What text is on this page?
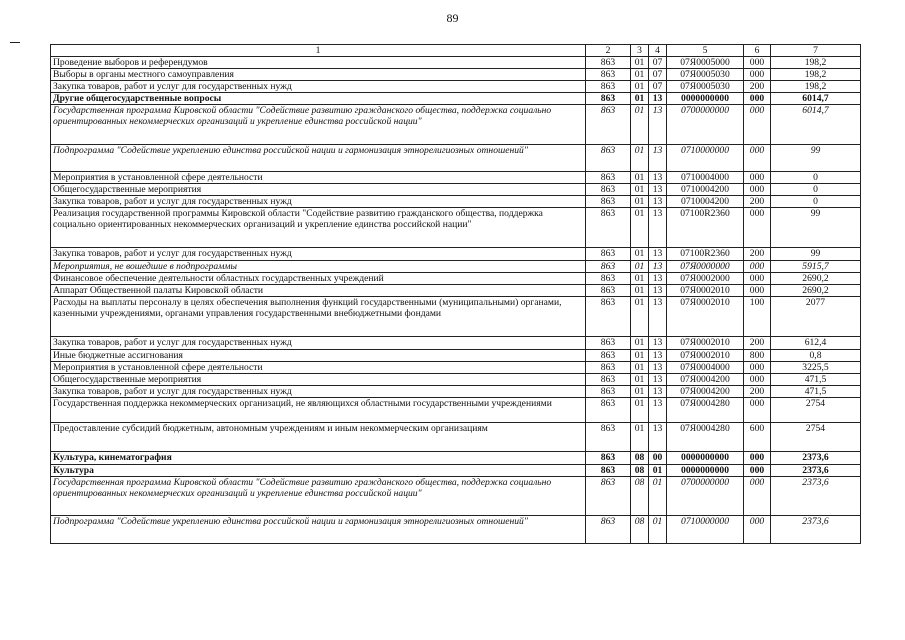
89
1	2	3	4	5	6	7
Проведение выборов и референдумов	863	01	07	07Я0005000	000	198,2
Выборы в органы местного самоуправления	863	01	07	07Я0005030	000	198,2
Закупка товаров, работ и услуг для государственных нужд	863	01	07	07Я0005030	200	198,2
Другие общегосударственные вопросы	863	01	13	0000000000	000	6014,7
Государственная программа Кировской области "Содействие развитию гражданского общества, поддержка социально ориентированных некоммерческих организаций и укрепление единства российской нации"	863	01	13	0700000000	000	6014,7
Подпрограмма "Содействие укреплению единства российской нации и гармонизация этнорелигиозных отношений"	863	01	13	0710000000	000	99
Мероприятия в установленной сфере деятельности	863	01	13	0710004000	000	0
Общегосударственные мероприятия	863	01	13	0710004200	000	0
Закупка товаров, работ и услуг для государственных нужд	863	01	13	0710004200	200	0
Реализация государственной программы Кировской области "Содействие развитию гражданского общества, поддержка социально ориентированных некоммерческих организаций и укрепление единства российской нации"	863	01	13	07100R2360	000	99
Закупка товаров, работ и услуг для государственных нужд	863	01	13	07100R2360	200	99
Мероприятия, не вошедшие в подпрограммы	863	01	13	07Я0000000	000	5915,7
Финансовое обеспечение деятельности областных государственных учреждений	863	01	13	07Я0002000	000	2690,2
Аппарат Общественной палаты Кировской области	863	01	13	07Я0002010	000	2690,2
Расходы на выплаты персоналу в целях обеспечения выполнения функций государственными (муниципальными) органами, казенными учреждениями, органами управления государственными внебюджетными фондами	863	01	13	07Я0002010	100	2077
Закупка товаров, работ и услуг для государственных нужд	863	01	13	07Я0002010	200	612,4
Иные бюджетные ассигнования	863	01	13	07Я0002010	800	0,8
Мероприятия в установленной сфере деятельности	863	01	13	07Я0004000	000	3225,5
Общегосударственные мероприятия	863	01	13	07Я0004200	000	471,5
Закупка товаров, работ и услуг для государственных нужд	863	01	13	07Я0004200	200	471,5
Государственная поддержка некоммерческих организаций, не являющихся областными государственными учреждениями	863	01	13	07Я0004280	000	2754
Предоставление субсидий бюджетным, автономным учреждениям и иным некоммерческим организациям	863	01	13	07Я0004280	600	2754
Культура, кинематография	863	08	00	0000000000	000	2373,6
Культура	863	08	01	0000000000	000	2373,6
Государственная программа Кировской области "Содействие развитию гражданского общества, поддержка социально ориентированных некоммерческих организаций и укрепление единства российской нации"	863	08	01	0700000000	000	2373,6
Подпрограмма "Содействие укреплению единства российской нации и гармонизация этнорелигиозных отношений"	863	08	01	0710000000	000	2373,6
